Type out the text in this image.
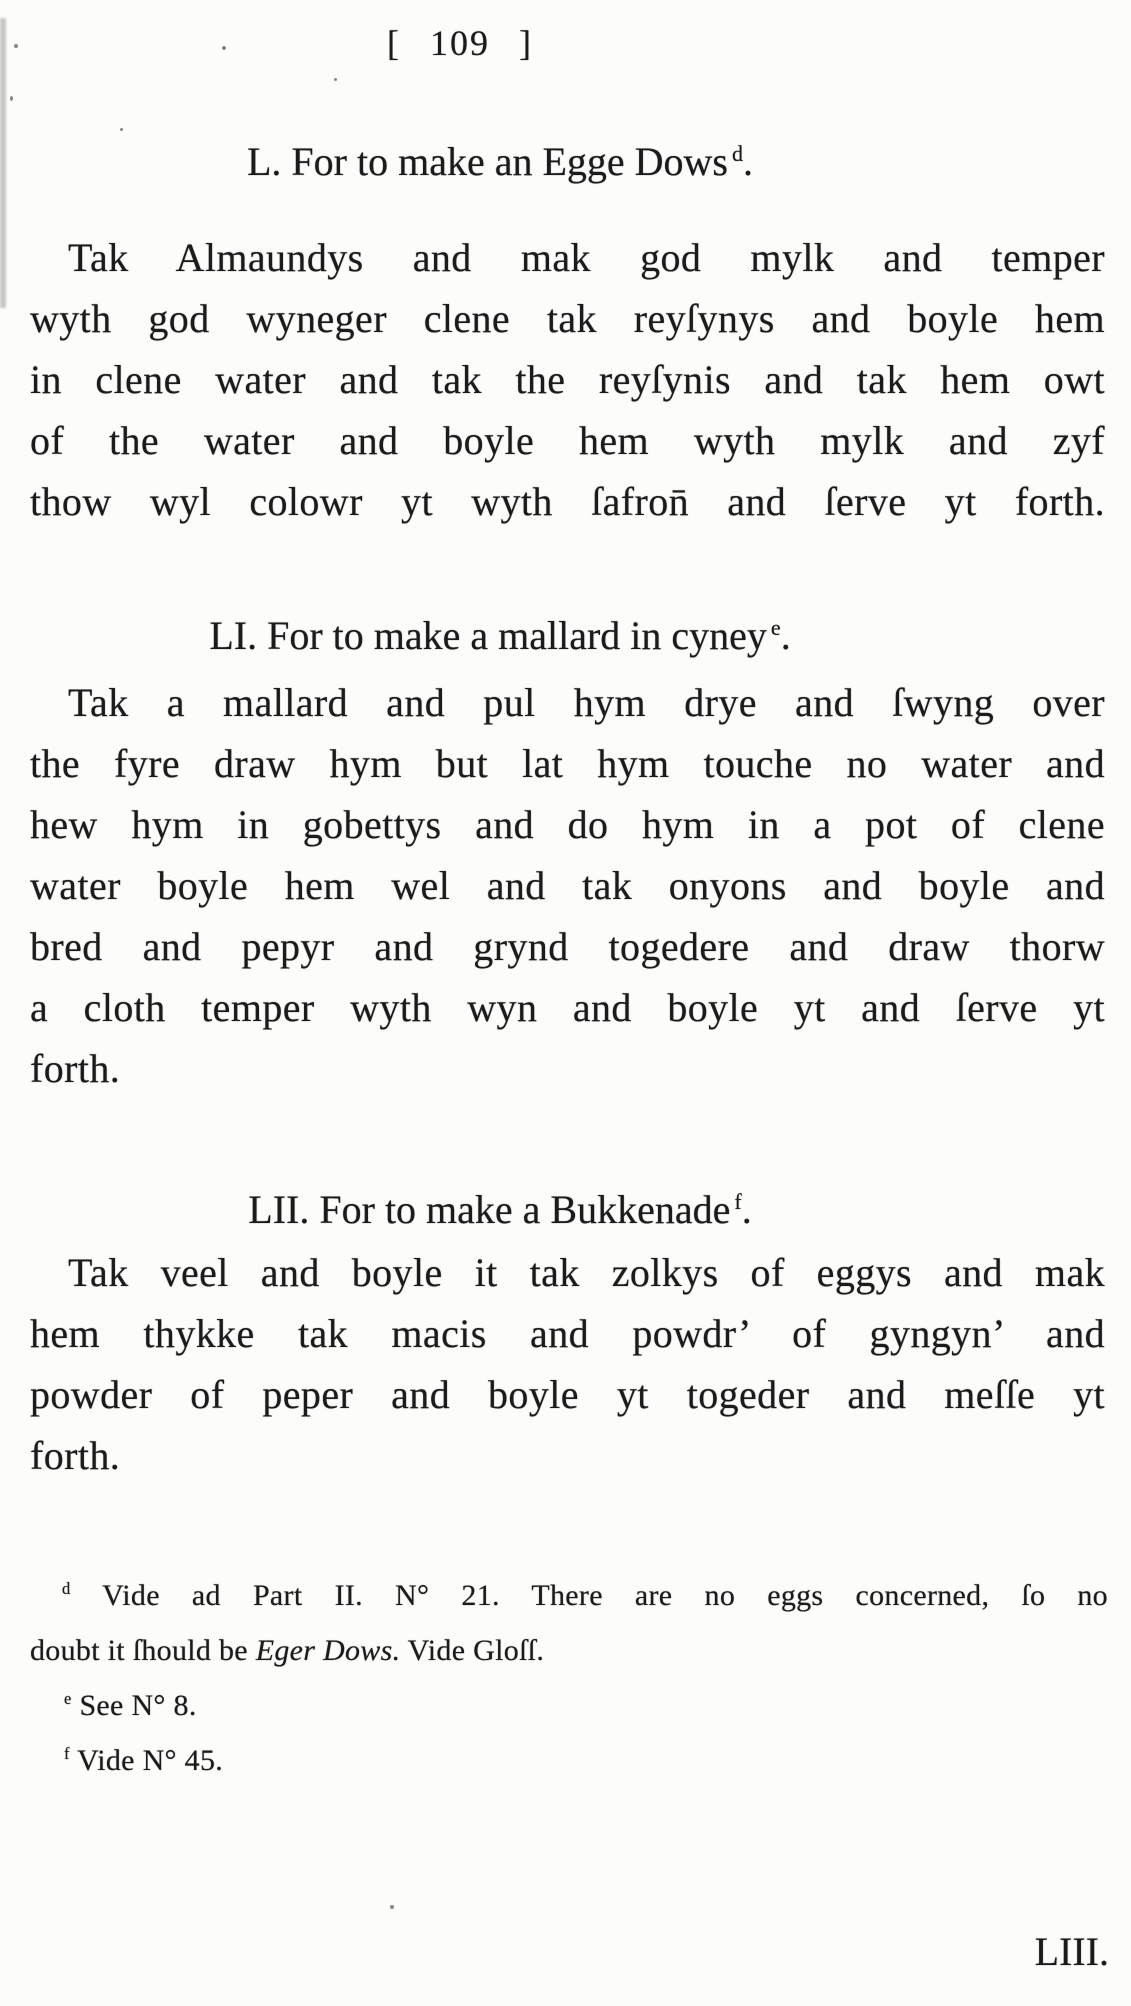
[ 109 ]
L. For to make an Egge Dows $^d$.
Tak Almaundys and mak god mylk and temper
wyth god wyneger clene tak reyſynys and boyle hem
in clene water and tak the reyſynis and tak hem owt
of the water and boyle hem wyth mylk and zyf
thow wyl colowr yt wyth ſafron̄ and ſerve yt forth.
LI. For to make a mallard in cyney $^e$.
Tak a mallard and pul hym drye and ſwyng over
the fyre draw hym but lat hym touche no water and
hew hym in gobettys and do hym in a pot of clene
water boyle hem wel and tak onyons and boyle and
bred and pepyr and grynd togedere and draw thorw
a cloth temper wyth wyn and boyle yt and ſerve yt
forth.
LII. For to make a Bukkenade $^f$.
Tak veel and boyle it tak zolkys of eggys and mak
hem thykke tak macis and powdr’ of gyngyn’ and
powder of peper and boyle yt togeder and meſſe yt
forth.
$^d$ Vide ad Part II. N° 21. There are no eggs concerned, ſo no
doubt it ſhould be Eger Dows. Vide Gloſſ.
$^e$ See N° 8.
$^f$ Vide N° 45.
LIII.
